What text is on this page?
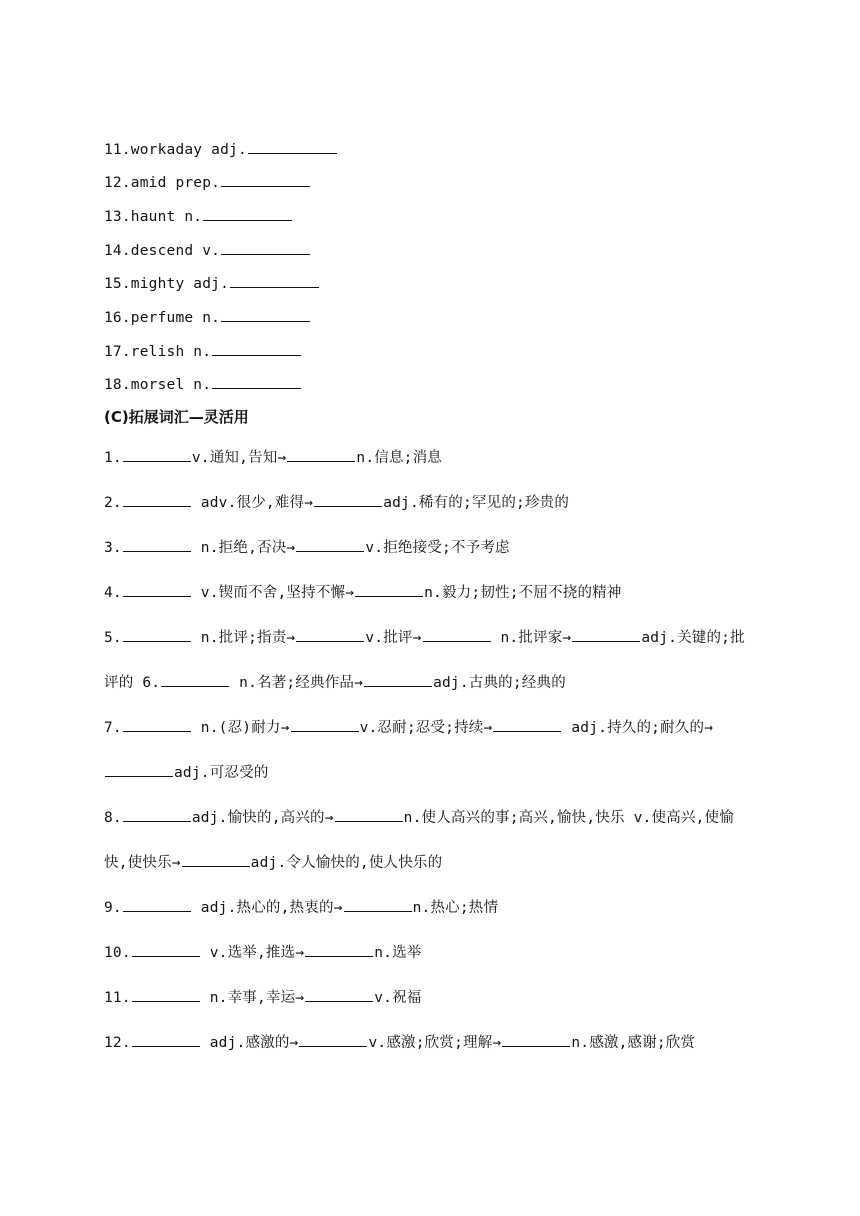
11.workaday adj.
12.amid prep.
13.haunt n.
14.descend v.
15.mighty adj.
16.perfume n.
17.relish n.
18.morsel n.
(C)拓展词汇—灵活用
1.	v.通知,告知→	n.信息;消息
2.	adv.很少,难得→	adj.稀有的;罕见的;珍贵的
3.	n.拒绝,否决→	v.拒绝接受;不予考虑
4.	v.锲而不舍,坚持不懈→	n.毅力;韧性;不屈不挠的精神
5.	n.批评;指责→	v.批评→	n.批评家→	adj.关键的;批评的 6.	n.名著;经典作品→	adj.古典的;经典的
7.	n.(忍)耐力→	v.忍耐;忍受;持续→	adj.持久的;耐久的→adj.可忍受的
8.	adj.愉快的,高兴的→	n.使人高兴的事;高兴,愉快,快乐 v.使高兴,使愉快,使快乐→	adj.令人愉快的,使人快乐的
9.	adj.热心的,热衷的→	n.热心;热情
10.	v.选举,推选→	n.选举
11.	n.幸事,幸运→	v.祝福
12.	adj.感激的→	v.感激;欣赏;理解→	n.感激,感谢;欣赏
